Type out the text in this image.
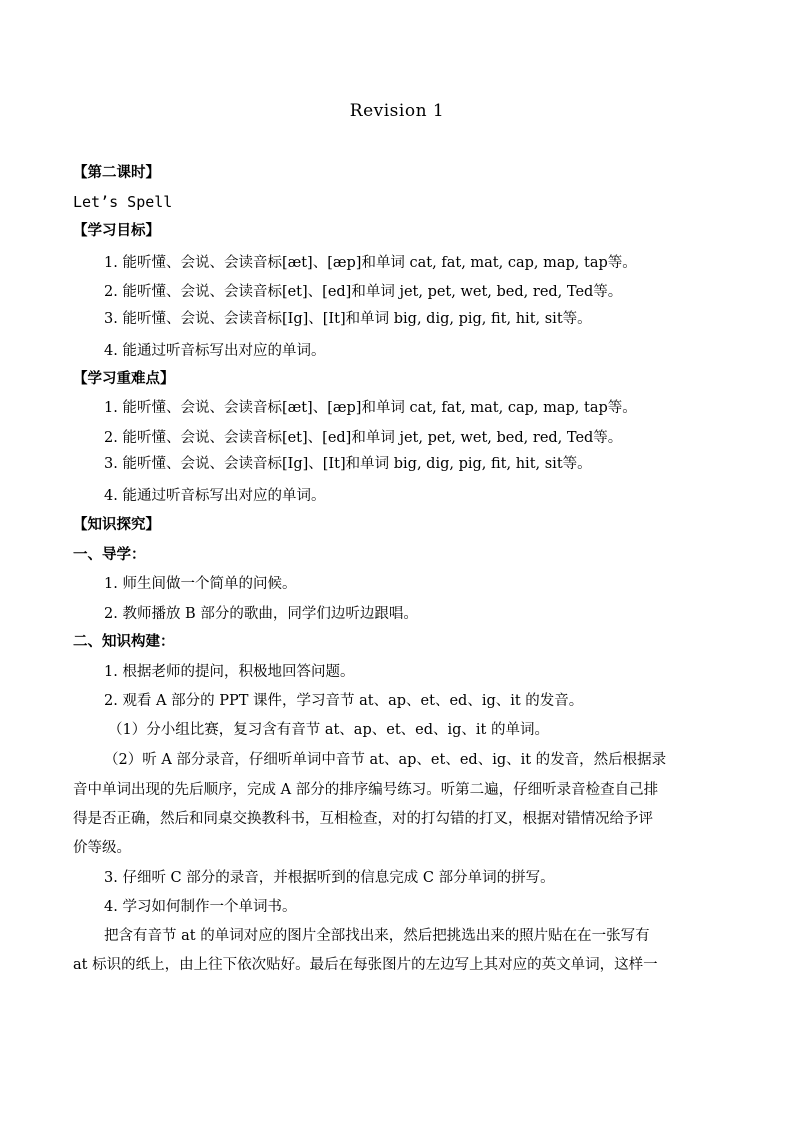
Revision 1
【第二课时】
Let’s Spell
【学习目标】
1. 能听懂、会说、会读音标[æt]、[æp]和单词 cat, fat, mat, cap, map, tap等。
2. 能听懂、会说、会读音标[et]、[ed]和单词 jet, pet, wet, bed, red, Ted等。
3. 能听懂、会说、会读音标[Ig]、[It]和单词 big, dig, pig, fit, hit, sit等。
4. 能通过听音标写出对应的单词。
【学习重难点】
1. 能听懂、会说、会读音标[æt]、[æp]和单词 cat, fat, mat, cap, map, tap等。
2. 能听懂、会说、会读音标[et]、[ed]和单词 jet, pet, wet, bed, red, Ted等。
3. 能听懂、会说、会读音标[Ig]、[It]和单词 big, dig, pig, fit, hit, sit等。
4. 能通过听音标写出对应的单词。
【知识探究】
一、导学：
1. 师生间做一个简单的问候。
2. 教师播放 B 部分的歌曲，同学们边听边跟唱。
二、知识构建：
1. 根据老师的提问，积极地回答问题。
2. 观看 A 部分的 PPT 课件，学习音节 at、ap、et、ed、ig、it 的发音。
（1）分小组比赛，复习含有音节 at、ap、et、ed、ig、it 的单词。
（2）听 A 部分录音，仔细听单词中音节 at、ap、et、ed、ig、it 的发音，然后根据录
音中单词出现的先后顺序，完成 A 部分的排序编号练习。听第二遍，仔细听录音检查自己排
得是否正确，然后和同桌交换教科书，互相检查，对的打勾错的打叉，根据对错情况给予评
价等级。
3. 仔细听 C 部分的录音，并根据听到的信息完成 C 部分单词的拼写。
4. 学习如何制作一个单词书。
把含有音节 at 的单词对应的图片全部找出来，然后把挑选出来的照片贴在在一张写有
at 标识的纸上，由上往下依次贴好。最后在每张图片的左边写上其对应的英文单词，这样一
